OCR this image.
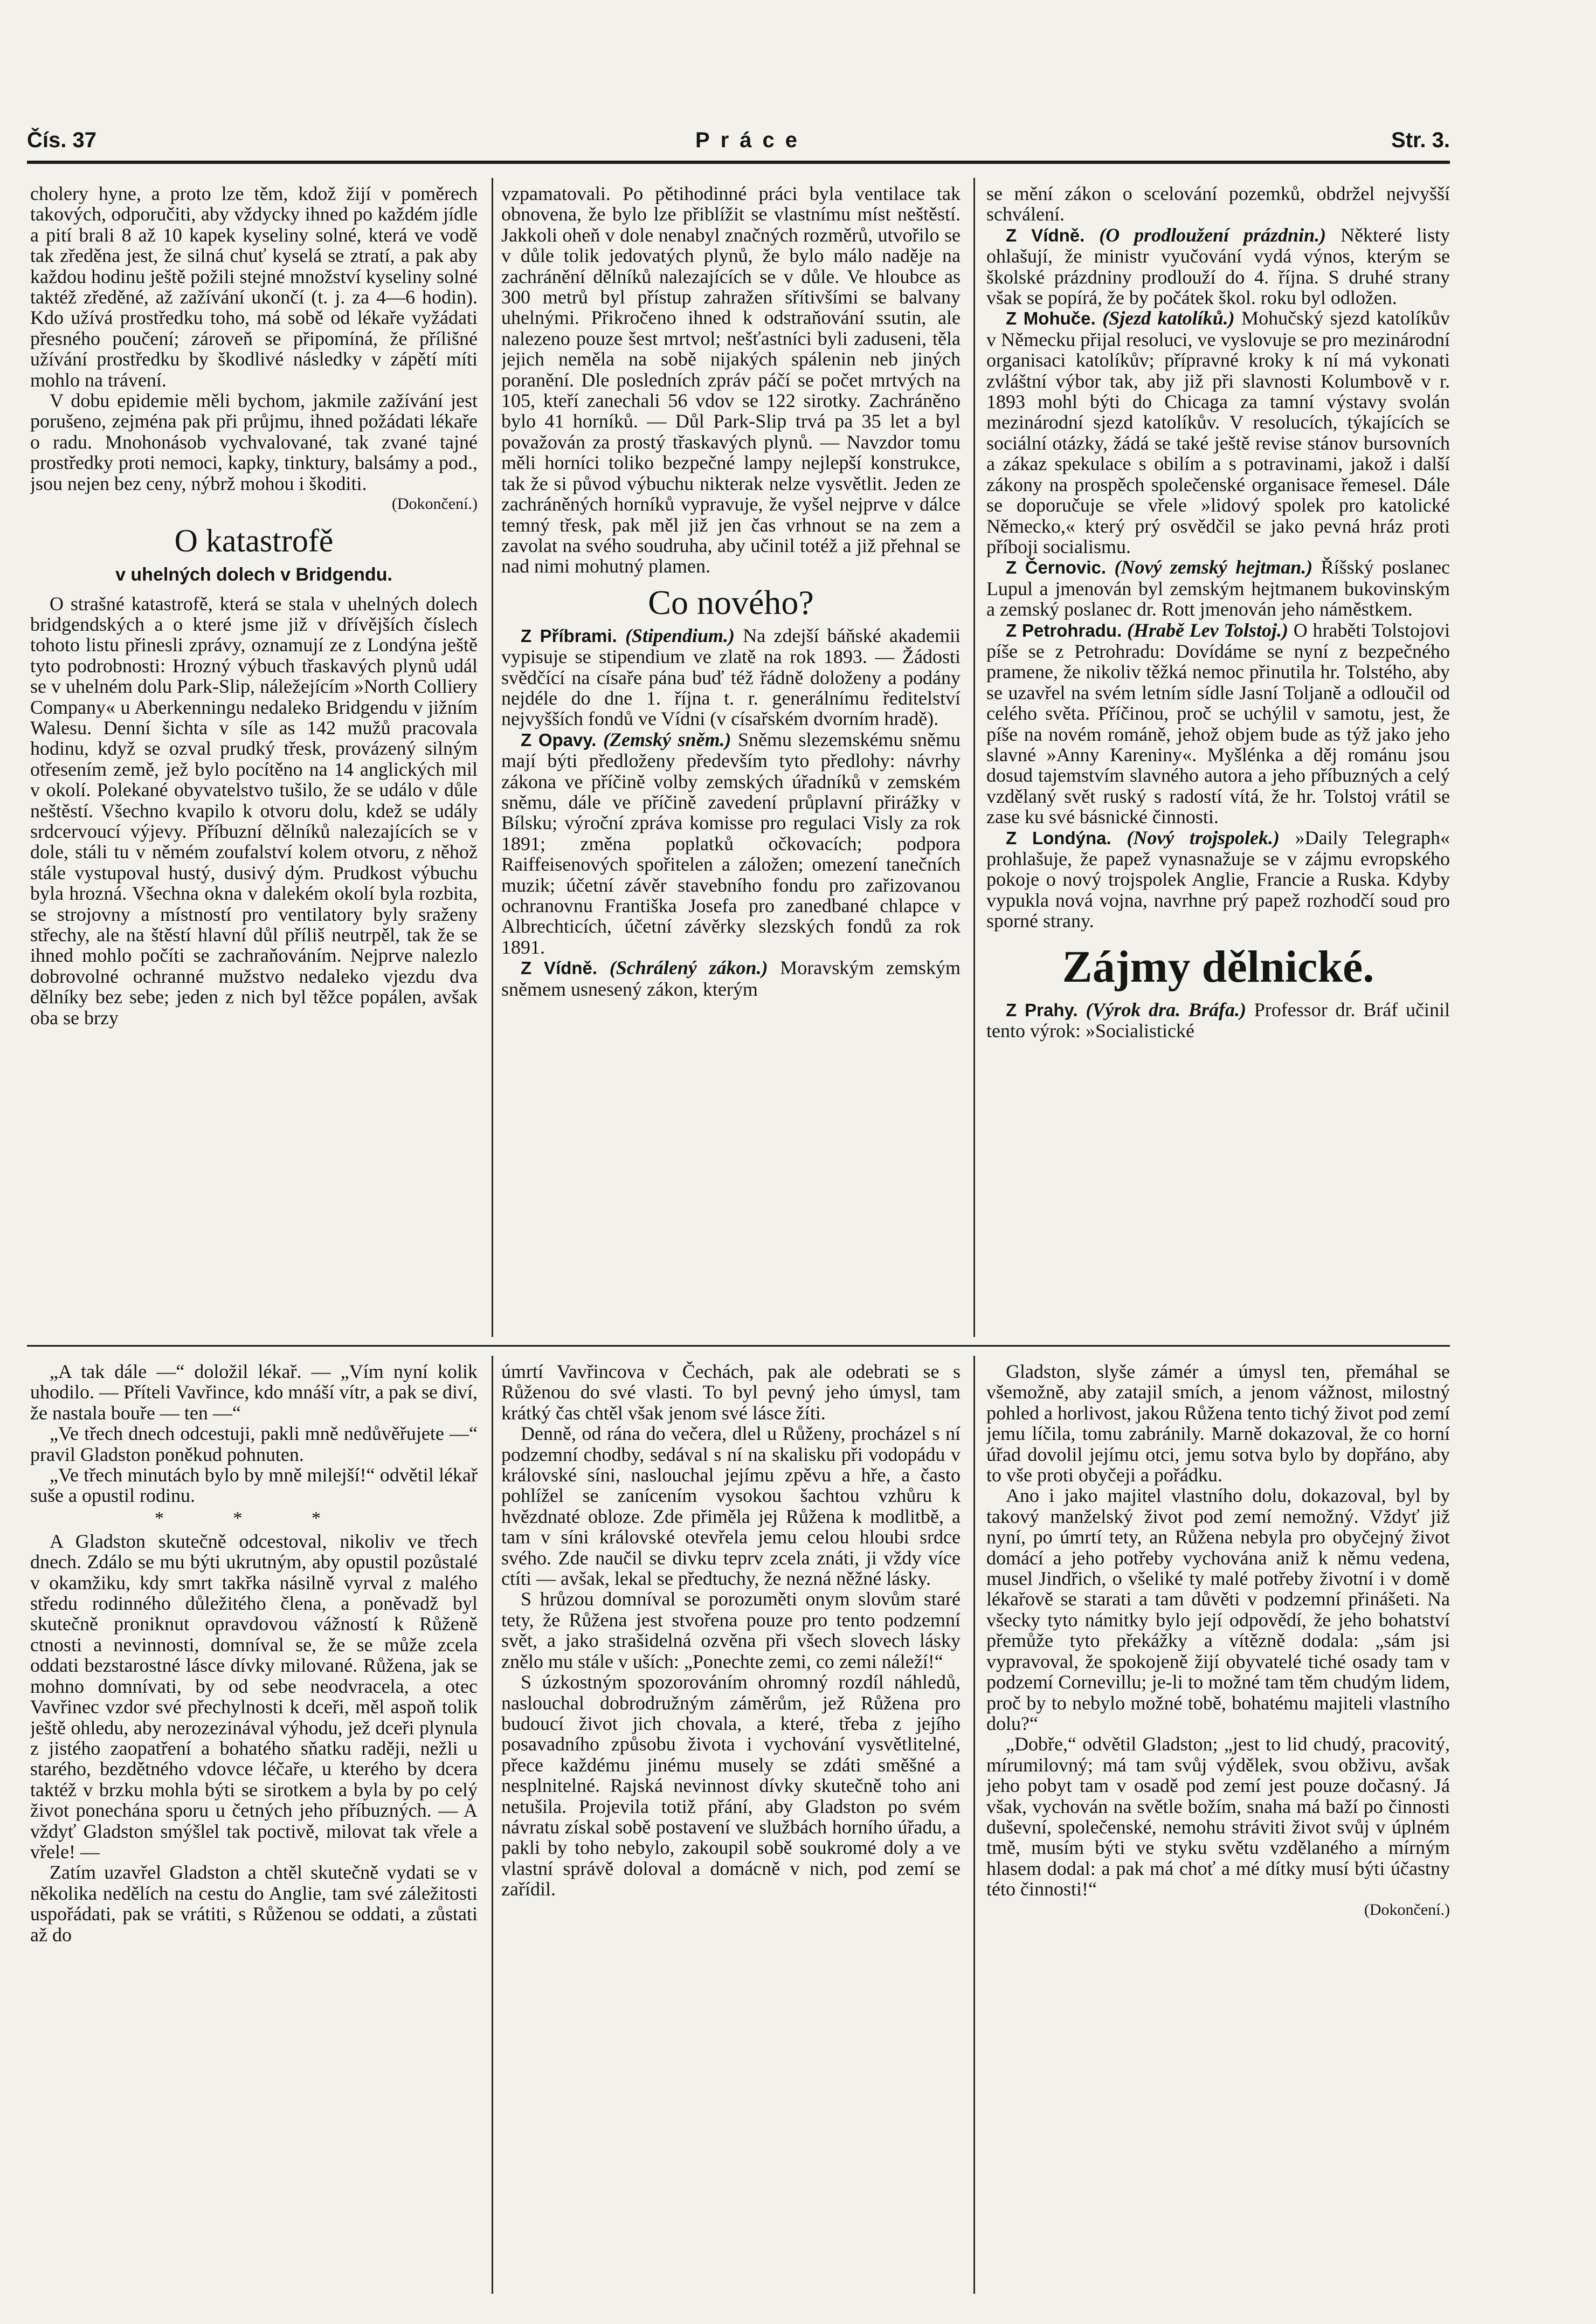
Čís. 37	Práce	Str. 3.

cholery hyne, a proto lze těm, kdož žijí v poměrech takových, odporučiti, aby vždycky ihned po každém jídle a pití brali 8 až 10 kapek kyseliny solné, která ve vodě tak zředěna jest, že silná chuť kyselá se ztratí, a pak aby každou hodinu ještě požili stejné množství kyseliny solné taktéž zředěné, až zažívání ukončí (t. j. za 4—6 hodin). Kdo užívá prostředku toho, má sobě od lékaře vyžádati přesného poučení; zároveň se připomíná, že přílišné užívání prostředku by škodlivé následky v zápětí míti mohlo na trávení.

V dobu epidemie měli bychom, jakmile zažívání jest porušeno, zejména pak při průjmu, ihned požádati lékaře o radu. Mnohonásob vychvalované, tak zvané tajné prostředky proti nemoci, kapky, tinktury, balsámy a pod., jsou nejen bez ceny, nýbrž mohou i škoditi.

(Dokončení.)
O katastrofě
v uhelných dolech v Bridgendu.

O strašné katastrofě, která se stala v uhelných dolech bridgendských a o které jsme již v dřívějších číslech tohoto listu přinesli zprávy, oznamují ze z Londýna ještě tyto podrobnosti: Hrozný výbuch třaskavých plynů udál se v uhelném dolu Park-Slip, náležejícím »North Colliery Company« u Aberkenningu nedaleko Bridgendu v jižním Walesu. Denní šichta v síle as 142 mužů pracovala hodinu, když se ozval prudký třesk, provázený silným otřesením země, jež bylo pocítěno na 14 anglických mil v okolí. Polekané obyvatelstvo tušilo, že se událo v důle neštěstí. Všechno kvapilo k otvoru dolu, kdež se udály srdcervoucí výjevy. Příbuzní dělníků nalezajících se v dole, stáli tu v němém zoufalství kolem otvoru, z něhož stále vystupoval hustý, dusivý dým. Prudkost výbuchu byla hrozná. Všechna okna v dalekém okolí byla rozbita, se strojovny a místností pro ventilatory byly sraženy střechy, ale na štěstí hlavní důl příliš neutrpěl, tak že se ihned mohlo počíti se zachraňováním. Nejprve nalezlo dobrovolné ochranné mužstvo nedaleko vjezdu dva dělníky bez sebe; jeden z nich byl těžce popálen, avšak oba se brzy

vzpamatovali. Po pětihodinné práci byla ventilace tak obnovena, že bylo lze přiblížit se vlastnímu míst neštěstí. Jakkoli oheň v dole nenabyl značných rozměrů, utvořilo se v důle tolik jedovatých plynů, že bylo málo naděje na zachránění dělníků nalezajících se v důle. Ve hloubce as 300 metrů byl přístup zahražen sřítivšími se balvany uhelnými. Přikročeno ihned k odstraňování ssutin, ale nalezeno pouze šest mrtvol; nešťastníci byli zaduseni, těla jejich neměla na sobě nijakých spálenin neb jiných poranění. Dle posledních zpráv páčí se počet mrtvých na 105, kteří zanechali 56 vdov se 122 sirotky. Zachráněno bylo 41 horníků. — Důl Park-Slip trvá pa 35 let a byl považován za prostý třaskavých plynů. — Navzdor tomu měli horníci toliko bezpečné lampy nejlepší konstrukce, tak že si původ výbuchu nikterak nelze vysvětlit. Jeden ze zachráněných horníků vypravuje, že vyšel nejprve v dálce temný třesk, pak měl již jen čas vrhnout se na zem a zavolat na svého soudruha, aby učinil totéž a již přehnal se nad nimi mohutný plamen.

Co nového?

Z Příbrami. (Stipendium.) Na zdejší báňské akademii vypisuje se stipendium ve zlatě na rok 1893. — Žádosti svědčící na císaře pána buď též řádně doloženy a podány nejdéle do dne 1. října t. r. generálnímu ředitelství nejvyšších fondů ve Vídni (v císařském dvorním hradě).

Z Opavy. (Zemský sněm.) Sněmu slezemskému sněmu mají býti předloženy především tyto předlohy: návrhy zákona ve příčině volby zemských úřadníků v zemském sněmu, dále ve příčině zavedení průplavní přirážky v Bílsku; výroční zpráva komisse pro regulaci Visly za rok 1891; změna poplatků očkovacích; podpora Raiffeisenových spořitelen a záložen; omezení tanečních muzik; účetní závěr stavebního fondu pro zařizovanou ochranovnu Františka Josefa pro zanedbané chlapce v Albrechticích, účetní závěrky slezských fondů za rok 1891.

Z Vídně. (Schrálený zákon.) Moravským zemským sněmem usnesený zákon, kterým

se mění zákon o scelování pozemků, obdržel nejvyšší schválení.

Z Vídně. (O prodloužení prázdnin.) Některé listy ohlašují, že ministr vyučování vydá výnos, kterým se školské prázdniny prodlouží do 4. října. S druhé strany však se popírá, že by počátek škol. roku byl odložen.

Z Mohuče. (Sjezd katolíků.) Mohučský sjezd katolíkův v Německu přijal resoluci, ve vyslovuje se pro mezinárodní organisaci katolíkův; přípravné kroky k ní má vykonati zvláštní výbor tak, aby již při slavnosti Kolumbově v r. 1893 mohl býti do Chicaga za tamní výstavy svolán mezinárodní sjezd katolíkův. V resolucích, týkajících se sociální otázky, žádá se také ještě revise stánov bursovních a zákaz spekulace s obilím a s potravinami, jakož i další zákony na prospěch společenské organisace řemesel. Dále se doporučuje se vřele »lidový spolek pro katolické Německo,« který prý osvědčil se jako pevná hráz proti příboji socialismu.

Z Černovic. (Nový zemský hejtman.) Říšský poslanec Lupul a jmenován byl zemským hejtmanem bukovinským a zemský poslanec dr. Rott jmenován jeho náměstkem.

Z Petrohradu. (Hrabě Lev Tolstoj.) O hraběti Tolstojovi píše se z Petrohradu: Dovídáme se nyní z bezpečného pramene, že nikoliv těžká nemoc přinutila hr. Tolstého, aby se uzavřel na svém letním sídle Jasní Toljaně a odloučil od celého světa. Příčinou, proč se uchýlil v samotu, jest, že píše na novém románě, jehož objem bude as týž jako jeho slavné »Anny Kareniny«. Myšlénka a děj románu jsou dosud tajemstvím slavného autora a jeho příbuzných a celý vzdělaný svět ruský s radostí vítá, že hr. Tolstoj vrátil se zase ku své básnické činnosti.

Z Londýna. (Nový trojspolek.) »Daily Telegraph« prohlašuje, že papež vynasnažuje se v zájmu evropského pokoje o nový trojspolek Anglie, Francie a Ruska. Kdyby vypukla nová vojna, navrhne prý papež rozhodčí soud pro sporné strany.

Zájmy dělnické.

Z Prahy. (Výrok dra. Bráfa.) Professor dr. Bráf učinil tento výrok: »Socialistické

„A tak dále —“ doložil lékař. — „Vím nyní kolik uhodilo. — Příteli Vavřince, kdo mnáší vítr, a pak se diví, že nastala bouře — ten —“

„Ve třech dnech odcestuji, pakli mně nedůvěřujete —“ pravil Gladston poněkud pohnuten.

„Ve třech minutách bylo by mně milejší!“ odvětil lékař suše a opustil rodinu.

* * *

A Gladston skutečně odcestoval, nikoliv ve třech dnech. Zdálo se mu býti ukrutným, aby opustil pozůstalé v okamžiku, kdy smrt takřka násilně vyrval z malého středu rodinného důležitého člena, a poněvadž byl skutečně proniknut opravdovou vážností k Růženě ctnosti a nevinnosti, domníval se, že se může zcela oddati bezstarostné lásce dívky milované. Růžena, jak se mohno domnívati, by od sebe neodvracela, a otec Vavřinec vzdor své přechylnosti k dceři, měl aspoň tolik ještě ohledu, aby nerozezinával výhodu, jež dceři plynula z jistého zaopatření a bohatého sňatku raději, nežli u starého, bezdětného vdovce léčaře, u kterého by dcera taktéž v brzku mohla býti se sirotkem a byla by po celý život ponechána sporu u četných jeho příbuzných. — A vždyť Gladston smýšlel tak poctivě, milovat tak vřele a vřele! —

Zatím uzavřel Gladston a chtěl skutečně vydati se v několika nedělích na cestu do Anglie, tam své záležitosti uspořádati, pak se vrátiti, s Růženou se oddati, a zůstati až do

úmrtí Vavřincova v Čechách, pak ale odebrati se s Růženou do své vlasti. To byl pevný jeho úmysl, tam krátký čas chtěl však jenom své lásce žíti.

Denně, od rána do večera, dlel u Růženy, procházel s ní podzemní chodby, sedával s ní na skalisku při vodopádu v královské síni, naslouchal jejímu zpěvu a hře, a často pohlížel se zanícením vysokou šachtou vzhůru k hvězdnaté obloze. Zde přiměla jej Růžena k modlitbě, a tam v síni královské otevřela jemu celou hloubi srdce svého. Zde naučil se divku teprv zcela znáti, ji vždy více ctíti — avšak, lekal se předtuchy, že nezná něžné lásky.

S hrůzou domníval se porozuměti onym slovům staré tety, že Růžena jest stvořena pouze pro tento podzemní svět, a jako strašidelná ozvěna při všech slovech lásky znělo mu stále v uších: „Ponechte zemi, co zemi náleží!“

S úzkostným spozorováním ohromný rozdíl náhledů, naslouchal dobrodružným záměrům, jež Růžena pro budoucí život jich chovala, a které, třeba z jejího posavadního způsobu života i vychování vysvětlitelné, přece každému jinému musely se zdáti směšné a nesplnitelné. Rajská nevinnost dívky skutečně toho ani netušila. Projevila totiž přání, aby Gladston po svém návratu získal sobě postavení ve službách horního úřadu, a pakli by toho nebylo, zakoupil sobě soukromé doly a ve vlastní správě doloval a domácně v nich, pod zemí se zařídil.

Gladston, slyše zámér a úmysl ten, přemáhal se všemožně, aby zatajil smích, a jenom vážnost, milostný pohled a horlivost, jakou Růžena tento tichý život pod zemí jemu líčila, tomu zabránily. Marně dokazoval, že co horní úřad dovolil jejímu otci, jemu sotva bylo by dopřáno, aby to vše proti obyčeji a pořádku.

Ano i jako majitel vlastního dolu, dokazoval, byl by takový manželský život pod zemí nemožný. Vždyť již nyní, po úmrtí tety, an Růžena nebyla pro obyčejný život domácí a jeho potřeby vychována aniž k němu vedena, musel Jindřich, o všeliké ty malé potřeby životní i v domě lékařově se starati a tam důvěti v podzemní přinášeti. Na všecky tyto námitky bylo její odpovědí, že jeho bohatství přemůže tyto překážky a vítězně dodala: „sám jsi vypravoval, že spokojeně žijí obyvatelé tiché osady tam v podzemí Cornevillu; je-li to možné tam těm chudým lidem, proč by to nebylo možné tobě, bohatému majiteli vlastního dolu?“

„Dobře,“ odvětil Gladston; „jest to lid chudý, pracovitý, mírumilovný; má tam svůj výdělek, svou obživu, avšak jeho pobyt tam v osadě pod zemí jest pouze dočasný. Já však, vychován na světle božím, snaha má baží po činnosti duševní, společenské, nemohu stráviti život svůj v úplném tmě, musím býti ve styku světu vzdělaného a mírným hlasem dodal: a pak má choť a mé dítky musí býti účastny této činnosti!“

(Dokončení.)
